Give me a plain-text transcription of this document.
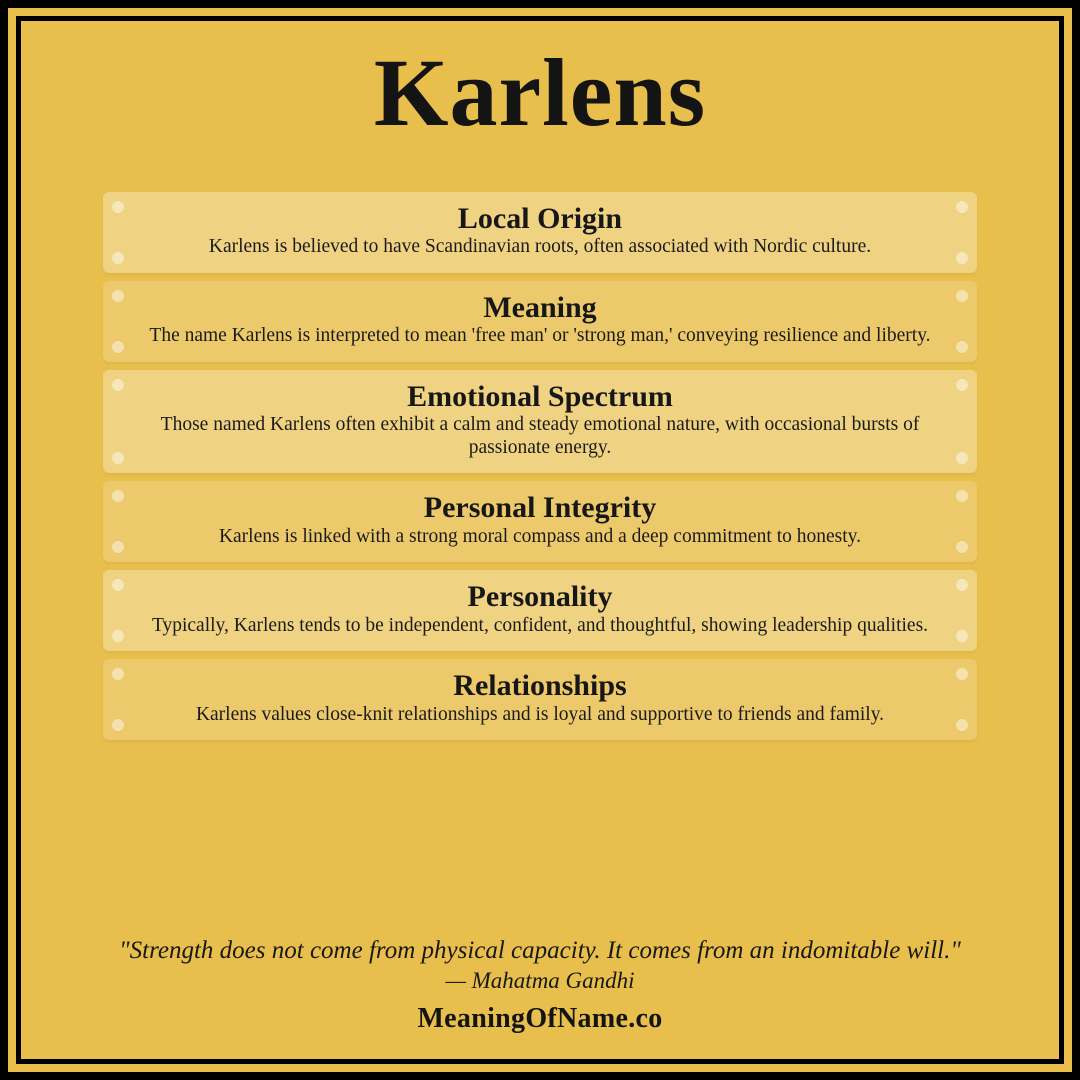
Karlens
Local Origin
Karlens is believed to have Scandinavian roots, often associated with Nordic culture.
Meaning
The name Karlens is interpreted to mean 'free man' or 'strong man,' conveying resilience and liberty.
Emotional Spectrum
Those named Karlens often exhibit a calm and steady emotional nature, with occasional bursts of passionate energy.
Personal Integrity
Karlens is linked with a strong moral compass and a deep commitment to honesty.
Personality
Typically, Karlens tends to be independent, confident, and thoughtful, showing leadership qualities.
Relationships
Karlens values close-knit relationships and is loyal and supportive to friends and family.

"Strength does not come from physical capacity. It comes from an indomitable will."

— Mahatma Gandhi

MeaningOfName.co
